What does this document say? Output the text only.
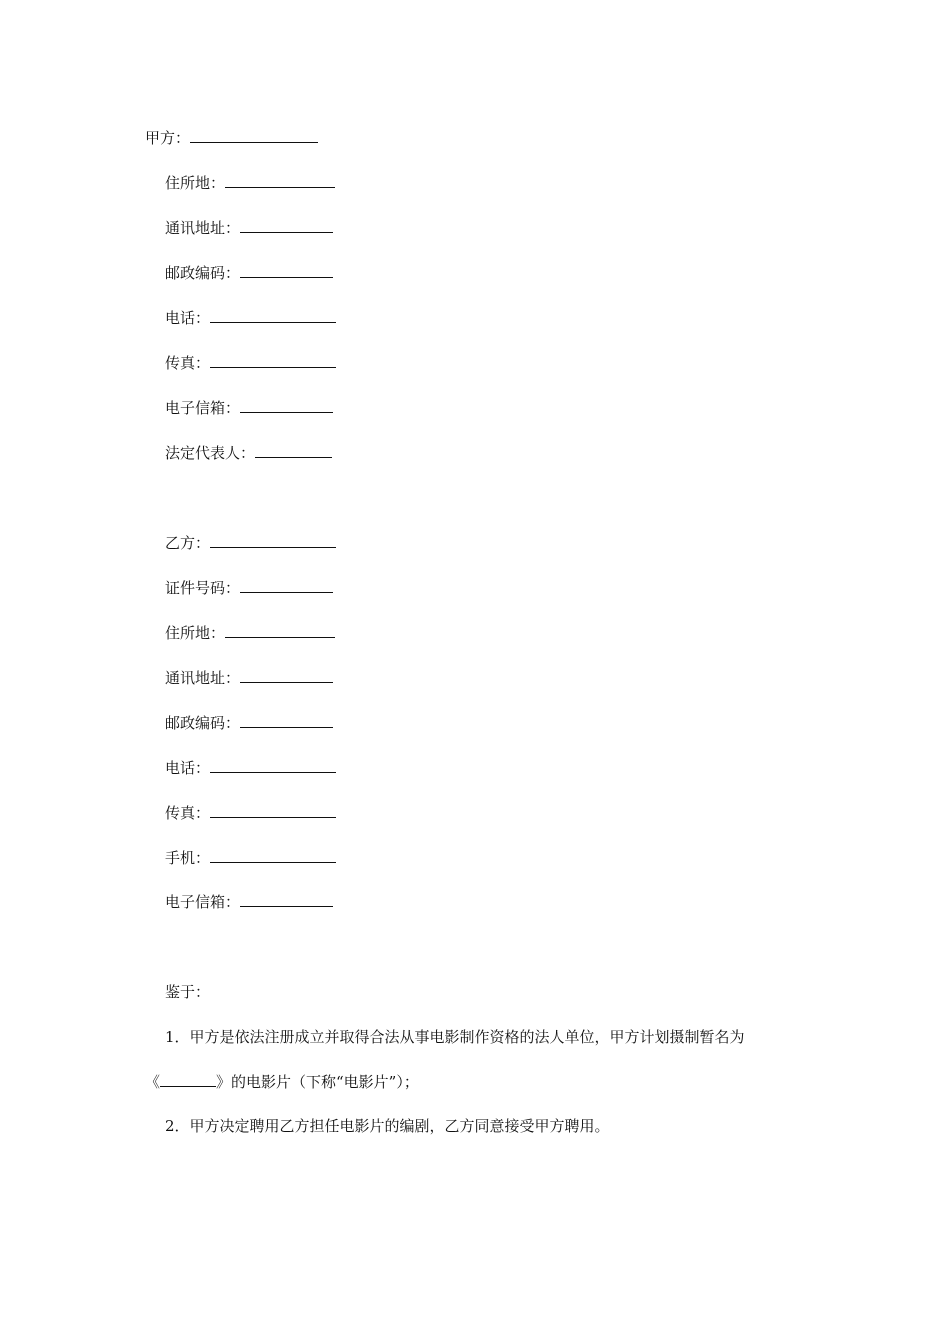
甲方：
住所地：
通讯地址：
邮政编码：
电话：
传真：
电子信箱：
法定代表人：
乙方：
证件号码：
住所地：
通讯地址：
邮政编码：
电话：
传真：
手机：
电子信箱：
鉴于：
1．甲方是依法注册成立并取得合法从事电影制作资格的法人单位，甲方计划摄制暂名为
《	》的电影片（下称“电影片”）；
2．甲方决定聘用乙方担任电影片的编剧，乙方同意接受甲方聘用。
